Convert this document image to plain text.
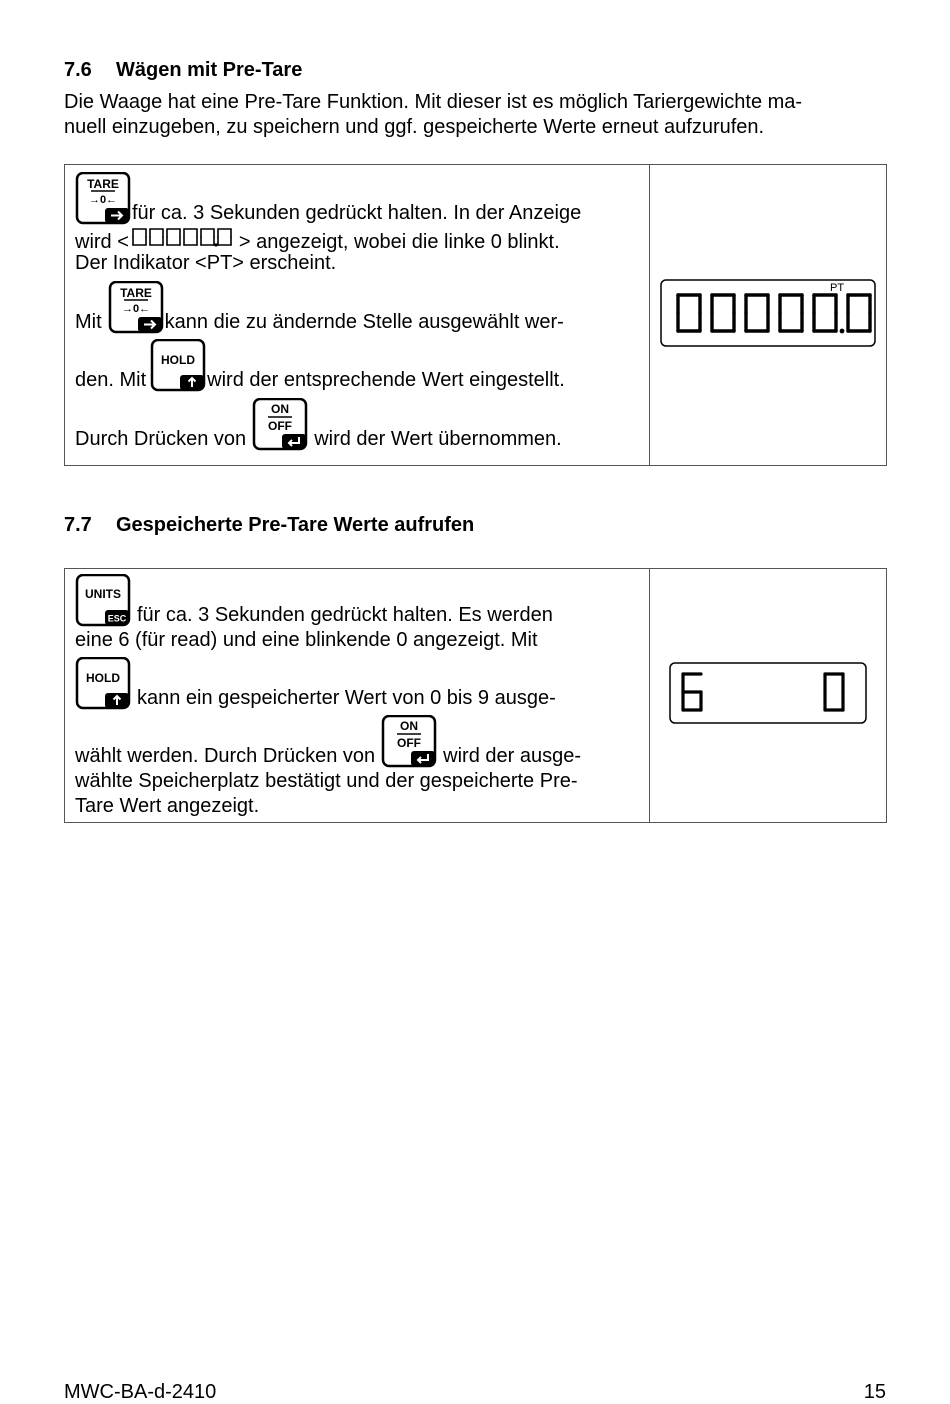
7.6 Wägen mit Pre-Tare
Die Waage hat eine Pre-Tare Funktion. Mit dieser ist es möglich Tariergewichte ma-
nuell einzugeben, zu speichern und ggf. gespeicherte Werte erneut aufzurufen.
TARE
→0←
für ca. 3 Sekunden gedrückt halten. In der Anzeige
wird <	> angezeigt, wobei die linke 0 blinkt.
Der Indikator <PT> erscheint.
Mit
TARE
→0←
kann die zu ändernde Stelle ausgewählt wer-
den. Mit
HOLD
wird der entsprechende Wert eingestellt.
Durch Drücken von
ON
OFF
wird der Wert übernommen.

PT
7.7 Gespeicherte Pre-Tare Werte aufrufen
UNITS
ESC für ca. 3 Sekunden gedrückt halten. Es werden
eine 6 (für read) und eine blinkende 0 angezeigt. Mit
HOLD
kann ein gespeicherter Wert von 0 bis 9 ausge-
wählt werden. Durch Drücken von
ON
OFF
wird der ausge-
wählte Speicherplatz bestätigt und der gespeicherte Pre-
Tare Wert angezeigt.

MWC-BA-d-2410	15
